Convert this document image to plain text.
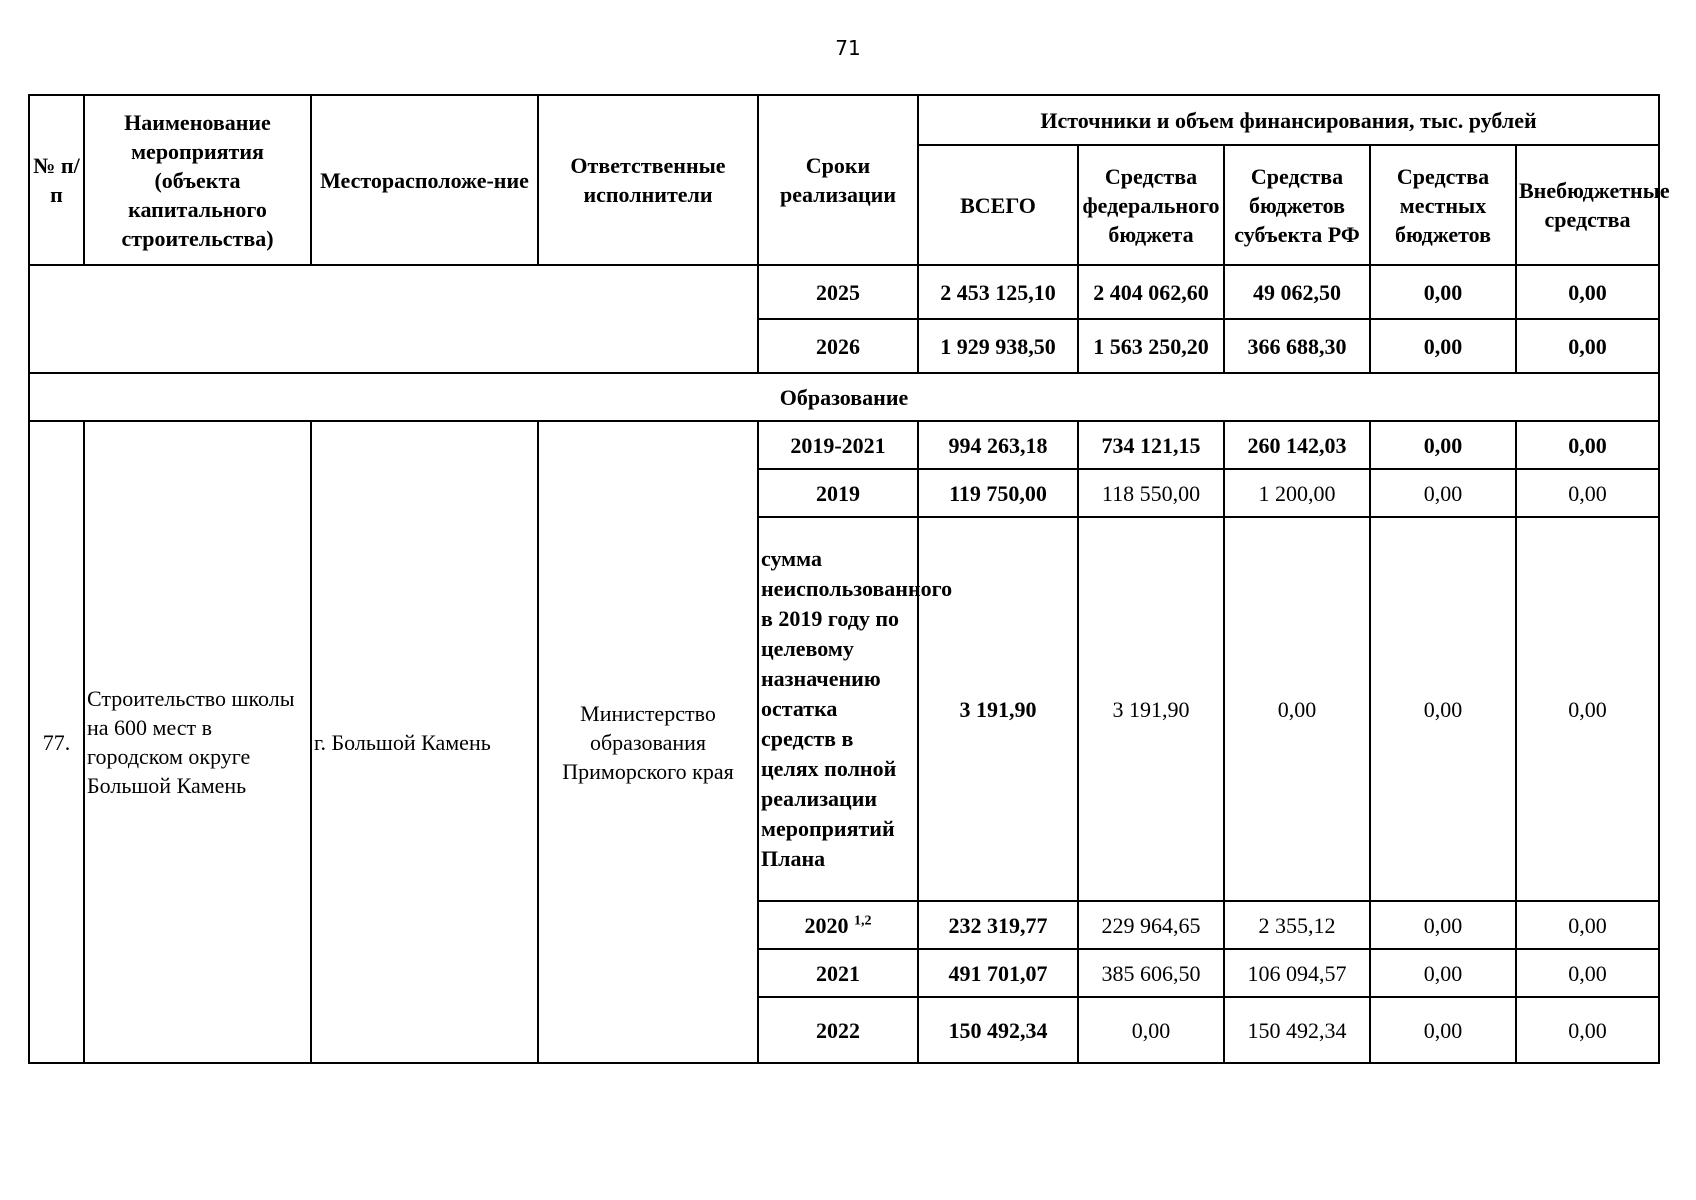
71
№ п/п	Наименование мероприятия (объекта капитального строительства)	Месторасположе-ние	Ответственные исполнители	Сроки реализации	Источники и объем финансирования, тыс. рублей				
					ВСЕГО	Средства федерального бюджета	Средства бюджетов субъекта РФ	Средства местных бюджетов	Внебюджетные средства
				2025	2 453 125,10	2 404 062,60	49 062,50	0,00	0,00
				2026	1 929 938,50	1 563 250,20	366 688,30	0,00	0,00
Образование									
77.	Строительство школы на 600 мест в городском округе Большой Камень	г. Большой Камень	Министерство образования Приморского края	2019-2021	994 263,18	734 121,15	260 142,03	0,00	0,00
				2019	119 750,00	118 550,00	1 200,00	0,00	0,00
				сумма неиспользованного в 2019 году по целевому назначению остатка средств в целях полной реализации мероприятий Плана	3 191,90	3 191,90	0,00	0,00	0,00
				2020 $^{1,2}$	232 319,77	229 964,65	2 355,12	0,00	0,00
				2021	491 701,07	385 606,50	106 094,57	0,00	0,00
				2022	150 492,34	0,00	150 492,34	0,00	0,00
